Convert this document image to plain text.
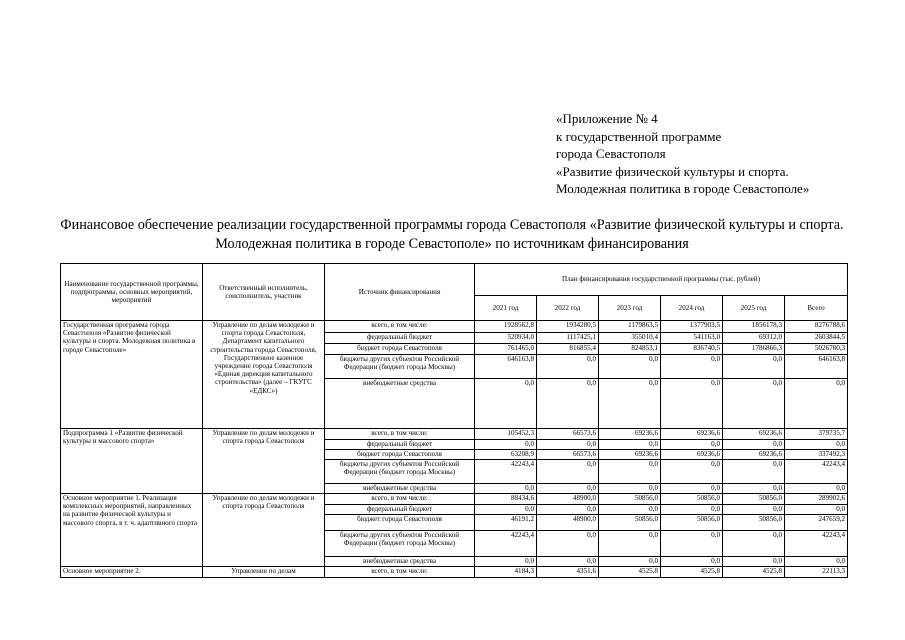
«Приложение № 4
к государственной программе
города Севастополя
«Развитие физической культуры и спорта.
Молодежная политика в городе Севастополе»
Финансовое обеспечение реализации государственной программы города Севастополя «Развитие физической культуры и спорта. Молодежная политика в городе Севастополе» по источникам финансирования
Наименование государственной программы, подпрограммы, основных мероприятий, мероприятий	Ответственный исполнитель, соисполнитель, участник	Источник финансирования	План финансирования государственной программы (тыс. рублей)					
			2021 год	2022 год	2023 год	2024 год	2025 год	Всего
Государственная программа города Севастополя «Развитие физической культуры и спорта. Молодежная политика в городе Севастополе»	Управление по делам молодежи и спорта города Севастополя, Департамент капитального строительства города Севастополя, Государственное казенное учреждение города Севастополя «Единая дирекция капитального строительства» (далее – ГКУГС «ЕДКС»)	всего, в том числе:	1928562,8	1934280,5	1179863,5	1377903,5	1856178,3	8276788,6
		федеральный бюджет	520934,0	1117425,1	355010,4	541163,0	69312,0	2603844,5
		бюджет города Севастополя	761465,0	816855,4	824853,1	836740,5	1786866,3	5026780,3
		бюджеты других субъектов Российской Федерации (бюджет города Москвы)	646163,8	0,0	0,0	0,0	0,0	646163,8
		внебюджетные средства	0,0	0,0	0,0	0,0	0,0	0,0
Подпрограмма 1 «Развитие физической культуры и массового спорта»	Управление по делам молодежи и спорта города Севастополя	всего, в том числе:	105452,3	66573,6	69236,6	69236,6	69236,6	379735,7
		федеральный бюджет	0,0	0,0	0,0	0,0	0,0	0,0
		бюджет города Севастополя	63208,9	66573,6	69236,6	69236,6	69236,6	337492,3
		бюджеты других субъектов Российской Федерации (бюджет города Москвы)	42243,4	0,0	0,0	0,0	0,0	42243,4
		внебюджетные средства	0,0	0,0	0,0	0,0	0,0	0,0
Основное мероприятие 1. Реализация комплексных мероприятий, направленных на развитие физической культуры и массового спорта, в т. ч. адаптивного спорта	Управление по делам молодежи и спорта города Севастополя	всего, в том числе:	88434,6	48900,0	50856,0	50856,0	50856,0	289902,6
		федеральный бюджет	0,0	0,0	0,0	0,0	0,0	0,0
		бюджет города Севастополя	46191,2	48900,0	50856,0	50856,0	50856,0	247659,2
		бюджеты других субъектов Российской Федерации (бюджет города Москвы)	42243,4	0,0	0,0	0,0	0,0	42243,4
		внебюджетные средства	0,0	0,0	0,0	0,0	0,0	0,0
Основное мероприятие 2.	Управление по делам	всего, в том числе:	4184,3	4351,6	4525,8	4525,8	4525,8	22113,3
